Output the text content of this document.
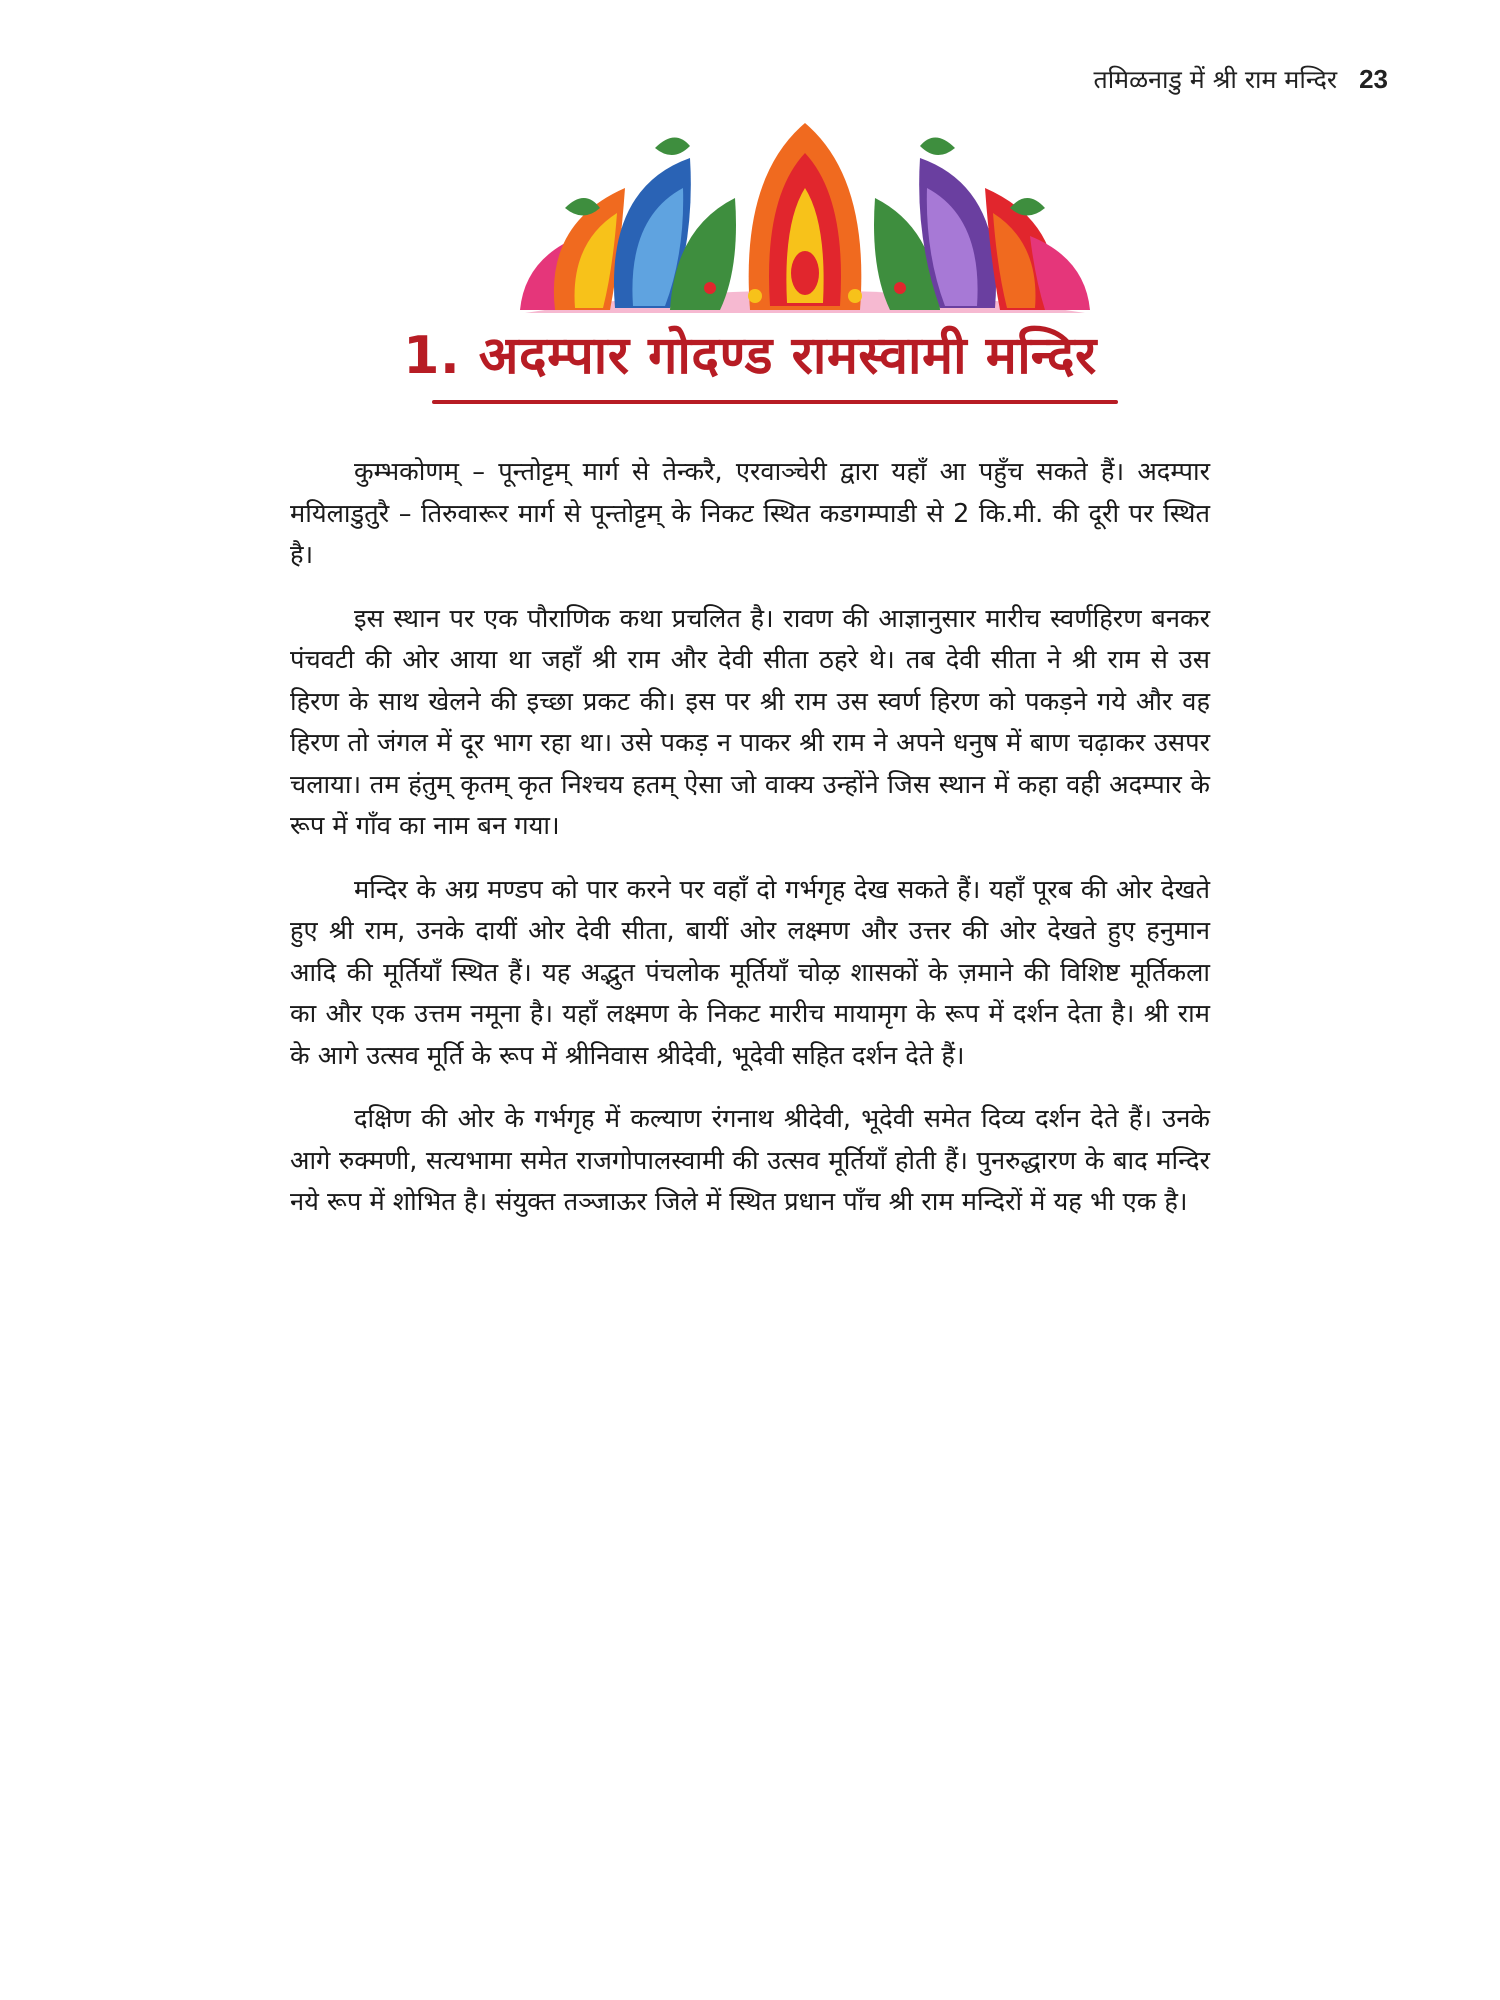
तमिळनाडु में श्री राम मन्दिर 23
1. अदम्पार गोदण्ड रामस्वामी मन्दिर

कुम्भकोणम् – पून्तोट्टम् मार्ग से तेन्करै, एरवाञ्चेरी द्वारा यहाँ आ पहुँच सकते हैं। अदम्पार मयिलाडुतुरै – तिरुवारूर मार्ग से पून्तोट्टम् के निकट स्थित कडगम्पाडी से 2 कि.मी. की दूरी पर स्थित है।

इस स्थान पर एक पौराणिक कथा प्रचलित है। रावण की आज्ञानुसार मारीच स्वर्णहिरण बनकर पंचवटी की ओर आया था जहाँ श्री राम और देवी सीता ठहरे थे। तब देवी सीता ने श्री राम से उस हिरण के साथ खेलने की इच्छा प्रकट की। इस पर श्री राम उस स्वर्ण हिरण को पकड़ने गये और वह हिरण तो जंगल में दूर भाग रहा था। उसे पकड़ न पाकर श्री राम ने अपने धनुष में बाण चढ़ाकर उसपर चलाया। तम हंतुम् कृतम् कृत निश्चय हतम् ऐसा जो वाक्य उन्होंने जिस स्थान में कहा वही अदम्पार के रूप में गाँव का नाम बन गया।

मन्दिर के अग्र मण्डप को पार करने पर वहाँ दो गर्भगृह देख सकते हैं। यहाँ पूरब की ओर देखते हुए श्री राम, उनके दायीं ओर देवी सीता, बायीं ओर लक्ष्मण और उत्तर की ओर देखते हुए हनुमान आदि की मूर्तियाँ स्थित हैं। यह अद्भुत पंचलोक मूर्तियाँ चोऴ शासकों के ज़माने की विशिष्ट मूर्तिकला का और एक उत्तम नमूना है। यहाँ लक्ष्मण के निकट मारीच मायामृग के रूप में दर्शन देता है। श्री राम के आगे उत्सव मूर्ति के रूप में श्रीनिवास श्रीदेवी, भूदेवी सहित दर्शन देते हैं।

दक्षिण की ओर के गर्भगृह में कल्याण रंगनाथ श्रीदेवी, भूदेवी समेत दिव्य दर्शन देते हैं। उनके आगे रुक्मणी, सत्यभामा समेत राजगोपालस्वामी की उत्सव मूर्तियाँ होती हैं। पुनरुद्धारण के बाद मन्दिर नये रूप में शोभित है। संयुक्त तञ्जाऊर जिले में स्थित प्रधान पाँच श्री राम मन्दिरों में यह भी एक है।
